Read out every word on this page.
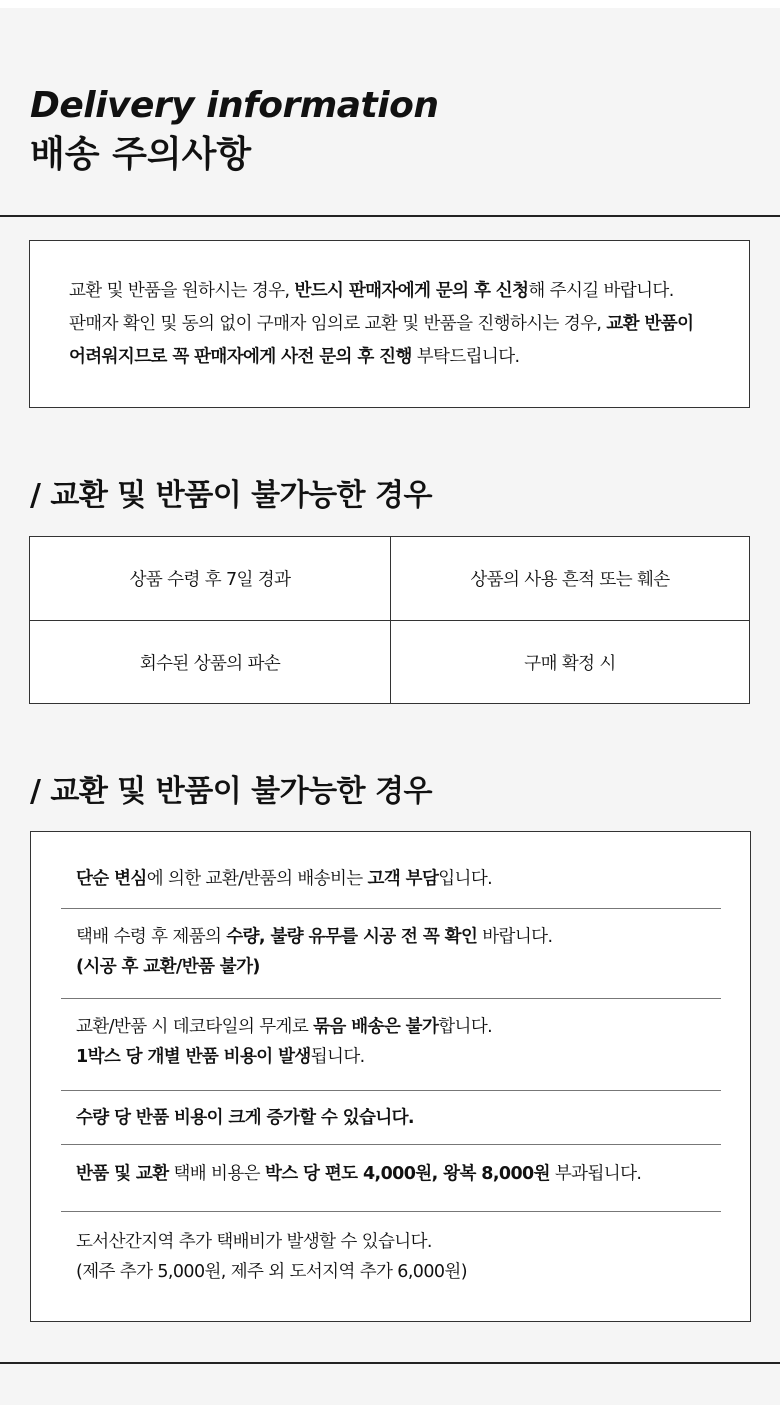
Delivery information
배송 주의사항

교환 및 반품을 원하시는 경우, 반드시 판매자에게 문의 후 신청해 주시길 바랍니다.

판매자 확인 및 동의 없이 구매자 임의로 교환 및 반품을 진행하시는 경우, 교환 반품이

어려워지므로 꼭 판매자에게 사전 문의 후 진행 부탁드립니다.

/ 교환 및 반품이 불가능한 경우
상품 수령 후 7일 경과	상품의 사용 흔적 또는 훼손
회수된 상품의 파손	구매 확정 시
/ 교환 및 반품이 불가능한 경우

단순 변심에 의한 교환/반품의 배송비는 고객 부담입니다.

택배 수령 후 제품의 수량, 불량 유무를 시공 전 꼭 확인 바랍니다.

(시공 후 교환/반품 불가)

교환/반품 시 데코타일의 무게로 묶음 배송은 불가합니다.

1박스 당 개별 반품 비용이 발생됩니다.

수량 당 반품 비용이 크게 증가할 수 있습니다.

반품 및 교환 택배 비용은 박스 당 편도 4,000원, 왕복 8,000원 부과됩니다.

도서산간지역 추가 택배비가 발생할 수 있습니다.

(제주 추가 5,000원, 제주 외 도서지역 추가 6,000원)
